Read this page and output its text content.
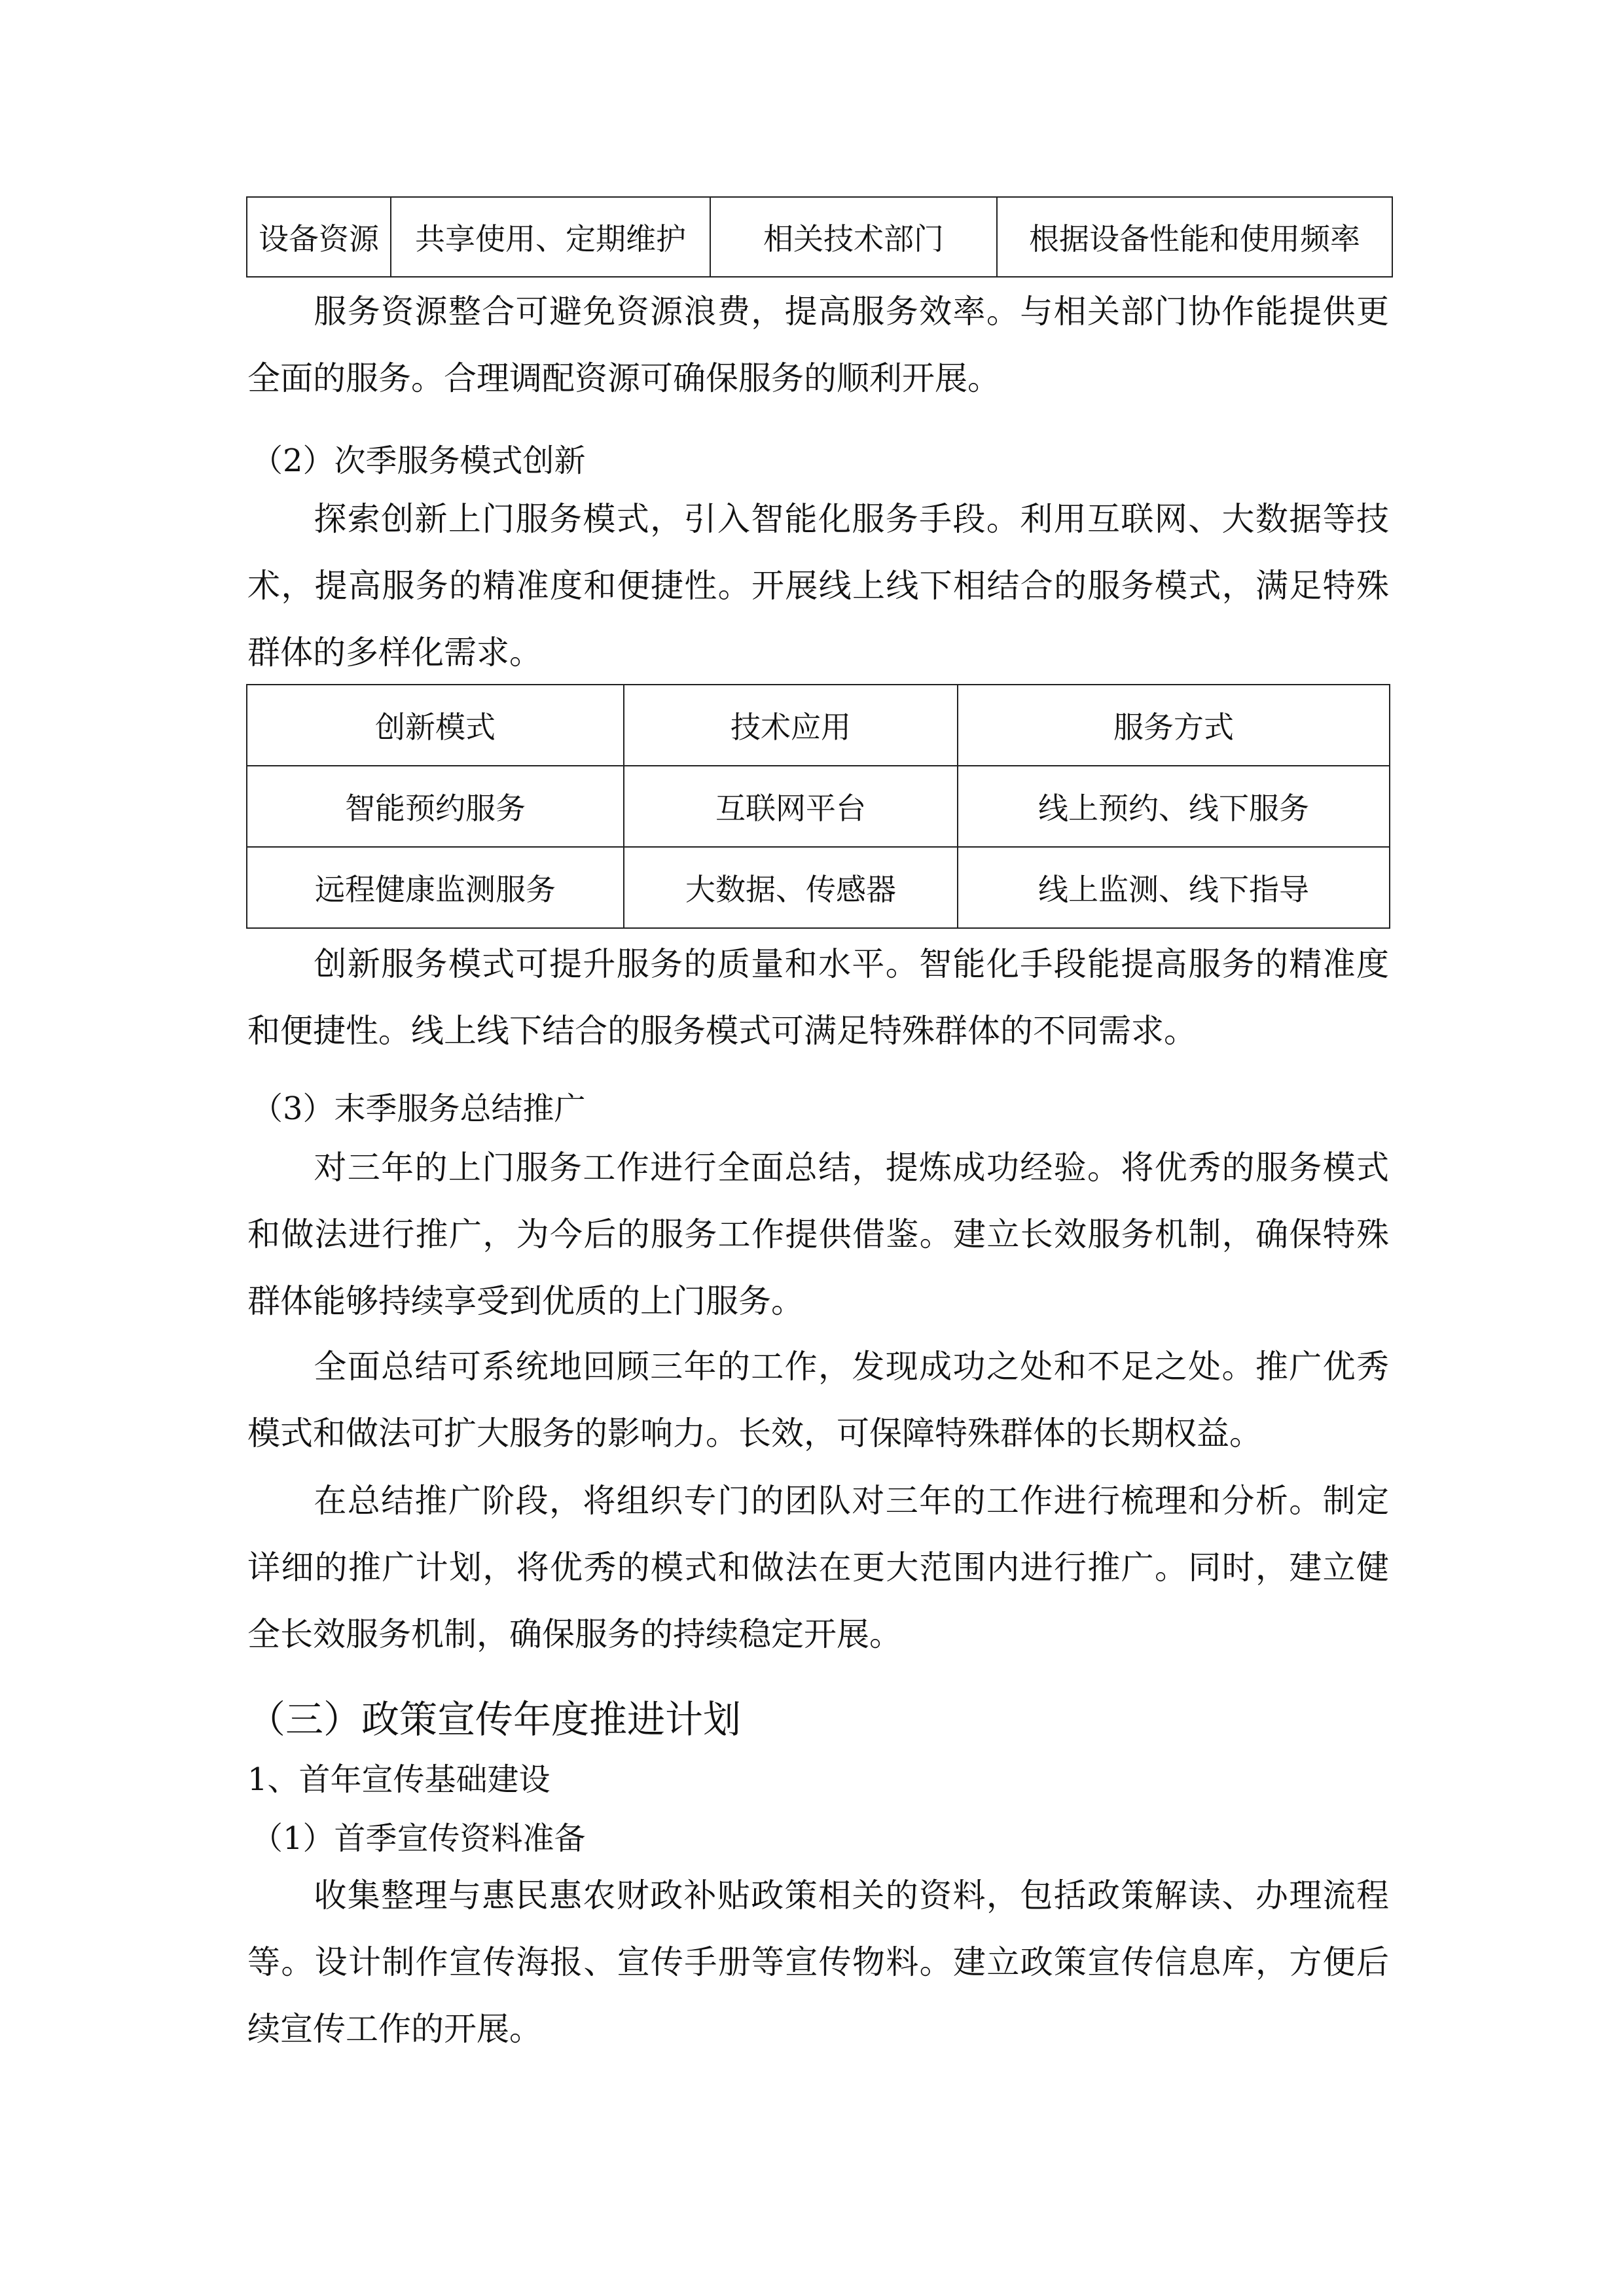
设备资源	共享使用、定期维护	相关技术部门	根据设备性能和使用频率
服务资源整合可避免资源浪费，提高服务效率。与相关部门协作能提供更全面的服务。合理调配资源可确保服务的顺利开展。
（2）次季服务模式创新
探索创新上门服务模式，引入智能化服务手段。利用互联网、大数据等技术，提高服务的精准度和便捷性。开展线上线下相结合的服务模式，满足特殊群体的多样化需求。
创新模式	技术应用	服务方式
智能预约服务	互联网平台	线上预约、线下服务
远程健康监测服务	大数据、传感器	线上监测、线下指导
创新服务模式可提升服务的质量和水平。智能化手段能提高服务的精准度和便捷性。线上线下结合的服务模式可满足特殊群体的不同需求。
（3）末季服务总结推广
对三年的上门服务工作进行全面总结，提炼成功经验。将优秀的服务模式和做法进行推广，为今后的服务工作提供借鉴。建立长效服务机制，确保特殊群体能够持续享受到优质的上门服务。
全面总结可系统地回顾三年的工作，发现成功之处和不足之处。推广优秀模式和做法可扩大服务的影响力。长效，可保障特殊群体的长期权益。
在总结推广阶段，将组织专门的团队对三年的工作进行梳理和分析。制定详细的推广计划，将优秀的模式和做法在更大范围内进行推广。同时，建立健全长效服务机制，确保服务的持续稳定开展。
（三）政策宣传年度推进计划
1、首年宣传基础建设
（1）首季宣传资料准备
收集整理与惠民惠农财政补贴政策相关的资料，包括政策解读、办理流程等。设计制作宣传海报、宣传手册等宣传物料。建立政策宣传信息库，方便后续宣传工作的开展。
